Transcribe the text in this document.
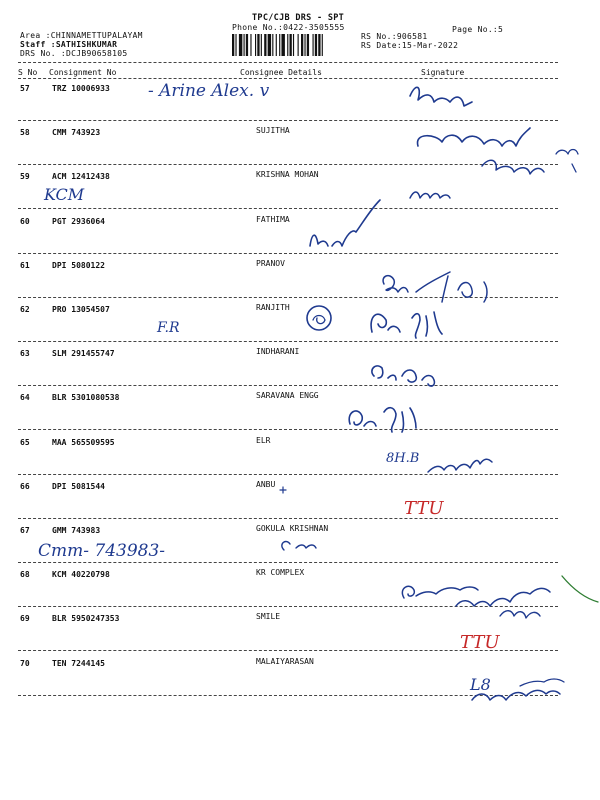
TPC/CJB DRS - SPT
Phone No.:0422-3505555
Area :CHINNAMETTUPALAYAM
Staff :SATHISHKUMAR
DRS No. :DCJB90658105
RS No.:906581
RS Date:15-Mar-2022
Page No.:5
S No Consignment No	Consignee Details	Signature
57	TRZ 10006933
58	CMM 743923	SUJITHA
59	ACM 12412438	KRISHNA MOHAN
60	PGT 2936064	FATHIMA
61	DPI 5080122	PRANOV
62	PRO 13054507	RANJITH
63	SLM 291455747	INDHARANI
64	BLR 5301080538	SARAVANA ENGG
65	MAA 565509595	ELR
66	DPI 5081544	ANBU
67	GMM 743983	GOKULA KRISHNAN
68	KCM 40220798	KR COMPLEX
69	BLR 5950247353	SMILE
70	TEN 7244145	MALAIYARASAN
- Arine Alex. v
KCM
F.R
8H.B
TTU
Cmm- 743983-
TTU
L8
